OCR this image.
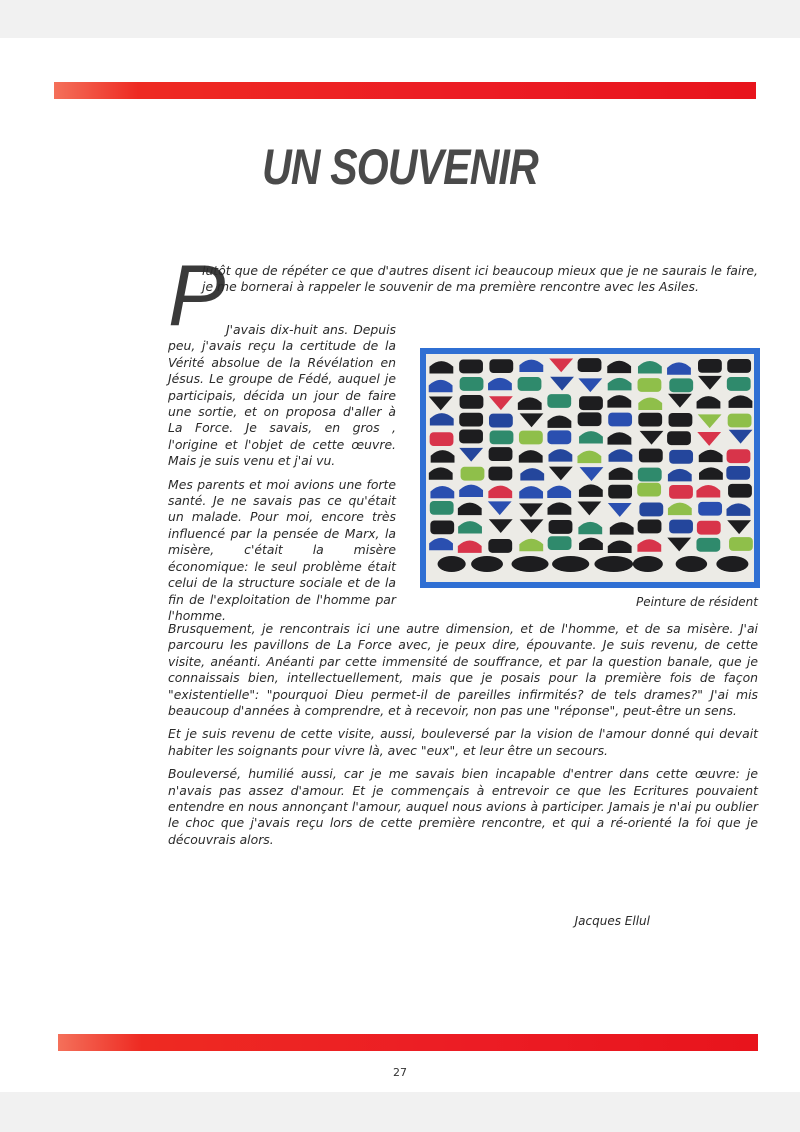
UN SOUVENIR
P

lutôt que de répéter ce que d'autres disent ici beaucoup mieux que je ne saurais le faire, je me bornerai à rappeler le souvenir de ma première rencontre avec les Asiles.

J'avais dix-huit ans. Depuis peu, j'avais reçu la certitude de la Vérité absolue de la Révélation en Jésus. Le groupe de Fédé, auquel je participais, décida un jour de faire une sortie, et on proposa d'aller à La Force. Je savais, en gros , l'origine et l'objet de cette œuvre. Mais je suis venu et j'ai vu.

Mes parents et moi avions une forte santé. Je ne savais pas ce qu'était un malade. Pour moi, encore très influencé par la pensée de Marx, la misère, c'était la misère économique: le seul problème était celui de la structure sociale et de la fin de l'exploitation de l'homme par l'homme.

Peinture de résident

Brusquement, je rencontrais ici une autre dimension, et de l'homme, et de sa misère. J'ai parcouru les pavillons de La Force avec, je peux dire, épouvante. Je suis revenu, de cette visite, anéanti. Anéanti par cette immensité de souffrance, et par la question banale, que je connaissais bien, intellectuellement, mais que je posais pour la première fois de façon "existentielle": "pourquoi Dieu permet-il de pareilles infirmités? de tels drames?" J'ai mis beaucoup d'années à comprendre, et à recevoir, non pas une "réponse", peut-être un sens.

Et je suis revenu de cette visite, aussi, bouleversé par la vision de l'amour donné qui devait habiter les soignants pour vivre là, avec "eux", et leur être un secours.

Bouleversé, humilié aussi, car je me savais bien incapable d'entrer dans cette œuvre: je n'avais pas assez d'amour. Et je commençais à entrevoir ce que les Ecritures pouvaient entendre en nous annonçant l'amour, auquel nous avions à participer. Jamais je n'ai pu oublier le choc que j'avais reçu lors de cette première rencontre, et qui a ré-orienté la foi que je découvrais alors.

Jacques Ellul
27
